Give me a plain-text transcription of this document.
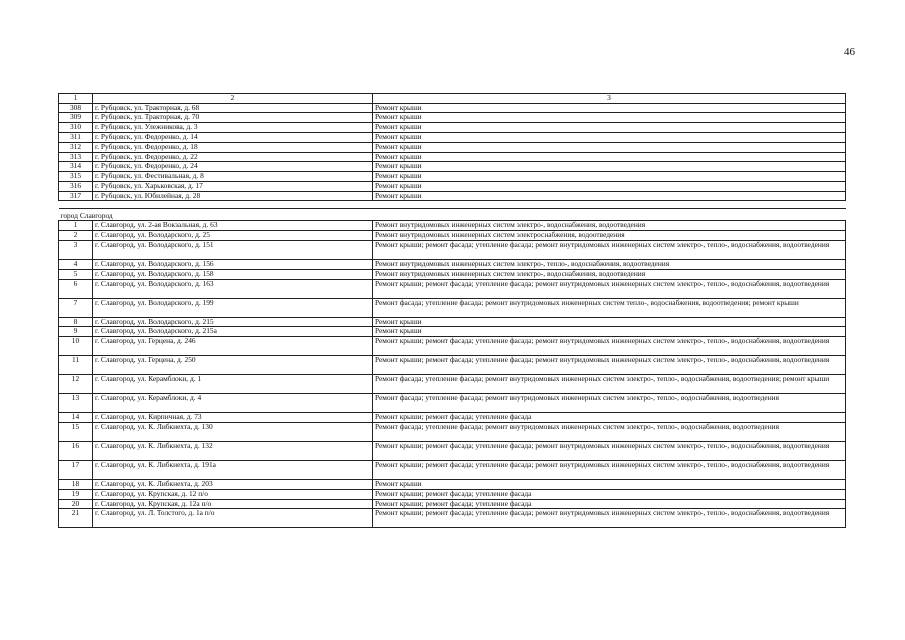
46
1	2	3
308	г. Рубцовск, ул. Тракторная, д. 68	Ремонт крыши
309	г. Рубцовск, ул. Тракторная, д. 70	Ремонт крыши
310	г. Рубцовск, ул. Улежникова, д. 3	Ремонт крыши
311	г. Рубцовск, ул. Федоренко, д. 14	Ремонт крыши
312	г. Рубцовск, ул. Федоренко, д. 18	Ремонт крыши
313	г. Рубцовск, ул. Федоренко, д. 22	Ремонт крыши
314	г. Рубцовск, ул. Федоренко, д. 24	Ремонт крыши
315	г. Рубцовск, ул. Фестивальная, д. 8	Ремонт крыши
316	г. Рубцовск, ул. Харьковская, д. 17	Ремонт крыши
317	г. Рубцовск, ул. Юбилейная, д. 28	Ремонт крыши

город Славгород		
1	г. Славгород, ул. 2-ая Вокзальная, д. 63	Ремонт внутридомовых инженерных систем электро-, водоснабжения, водоотведения
2	г. Славгород, ул. Володарского, д. 25	Ремонт внутридомовых инженерных систем электроснабжения, водоотведения
3	г. Славгород, ул. Володарского, д. 151	Ремонт крыши; ремонт фасада; утепление фасада; ремонт внутридомовых инженерных систем электро-, тепло-, водоснабжения, водоотведения
4	г. Славгород, ул. Володарского, д. 156	Ремонт внутридомовых инженерных систем электро-, тепло-, водоснабжения, водоотведения
5	г. Славгород, ул. Володарского, д. 158	Ремонт внутридомовых инженерных систем электро-, водоснабжения, водоотведения
6	г. Славгород, ул. Володарского, д. 163	Ремонт крыши; ремонт фасада; утепление фасада; ремонт внутридомовых инженерных систем электро-, тепло-, водоснабжения, водоотведения
7	г. Славгород, ул. Володарского, д. 199	Ремонт фасада; утепление фасада; ремонт внутридомовых инженерных систем тепло-, водоснабжения, водоотведения; ремонт крыши
8	г. Славгород, ул. Володарского, д. 215	Ремонт крыши
9	г. Славгород, ул. Володарского, д. 215а	Ремонт крыши
10	г. Славгород, ул. Герцена, д. 246	Ремонт крыши; ремонт фасада; утепление фасада; ремонт внутридомовых инженерных систем электро-, тепло-, водоснабжения, водоотведения
11	г. Славгород, ул. Герцена, д. 250	Ремонт крыши; ремонт фасада; утепление фасада; ремонт внутридомовых инженерных систем электро-, тепло-, водоснабжения, водоотведения
12	г. Славгород, ул. Керамблоки, д. 1	Ремонт фасада; утепление фасада; ремонт внутридомовых инженерных систем электро-, тепло-, водоснабжения, водоотведения; ремонт крыши
13	г. Славгород, ул. Керамблоки, д. 4	Ремонт фасада; утепление фасада; ремонт внутридомовых инженерных систем электро-, тепло-, водоснабжения, водоотведения
14	г. Славгород, ул. Кирпичная, д. 73	Ремонт крыши; ремонт фасада; утепление фасада
15	г. Славгород, ул. К. Либкнехта, д. 130	Ремонт фасада; утепление фасада; ремонт внутридомовых инженерных систем электро-, тепло-, водоснабжения, водоотведения
16	г. Славгород, ул. К. Либкнехта, д. 132	Ремонт крыши; ремонт фасада; утепление фасада; ремонт внутридомовых инженерных систем электро-, тепло-, водоснабжения, водоотведения
17	г. Славгород, ул. К. Либкнехта, д. 191а	Ремонт крыши; ремонт фасада; утепление фасада; ремонт внутридомовых инженерных систем электро-, тепло-, водоснабжения, водоотведения
18	г. Славгород, ул. К. Либкнехта, д. 203	Ремонт крыши
19	г. Славгород, ул. Крупская, д. 12 п/о	Ремонт крыши; ремонт фасада; утепление фасада
20	г. Славгород, ул. Крупская, д. 12а п/о	Ремонт крыши; ремонт фасада; утепление фасада
21	г. Славгород, ул. Л. Толстого, д. 1а п/о	Ремонт крыши; ремонт фасада; утепление фасада; ремонт внутридомовых инженерных систем электро-, тепло-, водоснабжения, водоотведения
